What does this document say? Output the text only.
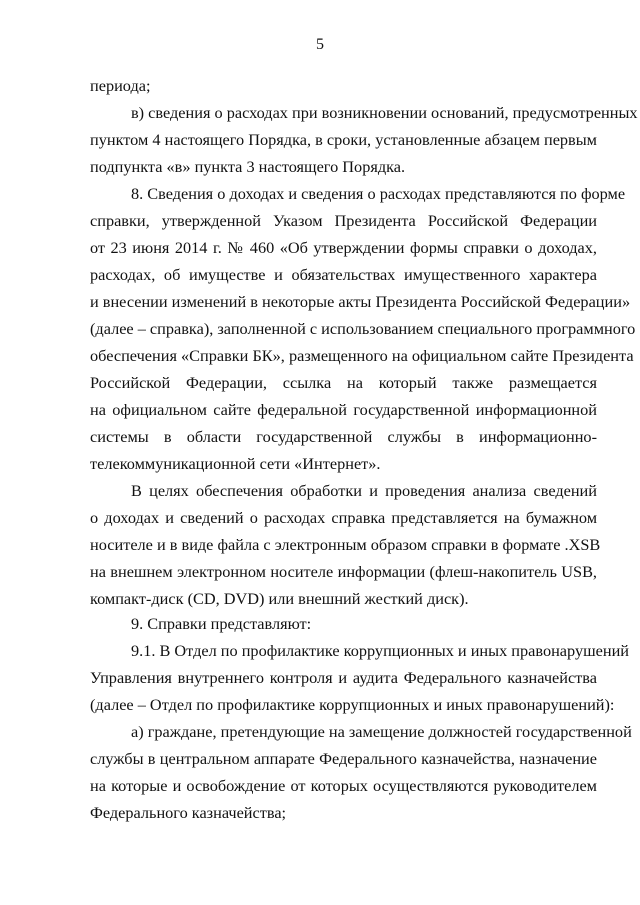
5
периода;
в) сведения о расходах при возникновении оснований, предусмотренных
пунктом 4 настоящего Порядка, в сроки, установленные абзацем первым
подпункта «в» пункта 3 настоящего Порядка.
8. Сведения о доходах и сведения о расходах представляются по форме
справки, утвержденной Указом Президента Российской Федерации
от 23 июня 2014 г. № 460 «Об утверждении формы справки о доходах,
расходах, об имуществе и обязательствах имущественного характера
и внесении изменений в некоторые акты Президента Российской Федерации»
(далее – справка), заполненной с использованием специального программного
обеспечения «Справки БК», размещенного на официальном сайте Президента
Российской Федерации, ссылка на который также размещается
на официальном сайте федеральной государственной информационной
системы в области государственной службы в информационно-
телекоммуникационной сети «Интернет».
В целях обеспечения обработки и проведения анализа сведений
о доходах и сведений о расходах справка представляется на бумажном
носителе и в виде файла с электронным образом справки в формате .XSB
на внешнем электронном носителе информации (флеш-накопитель USB,
компакт-диск (CD, DVD) или внешний жесткий диск).
9. Справки представляют:
9.1. В Отдел по профилактике коррупционных и иных правонарушений
Управления внутреннего контроля и аудита Федерального казначейства
(далее – Отдел по профилактике коррупционных и иных правонарушений):
а) граждане, претендующие на замещение должностей государственной
службы в центральном аппарате Федерального казначейства, назначение
на которые и освобождение от которых осуществляются руководителем
Федерального казначейства;
